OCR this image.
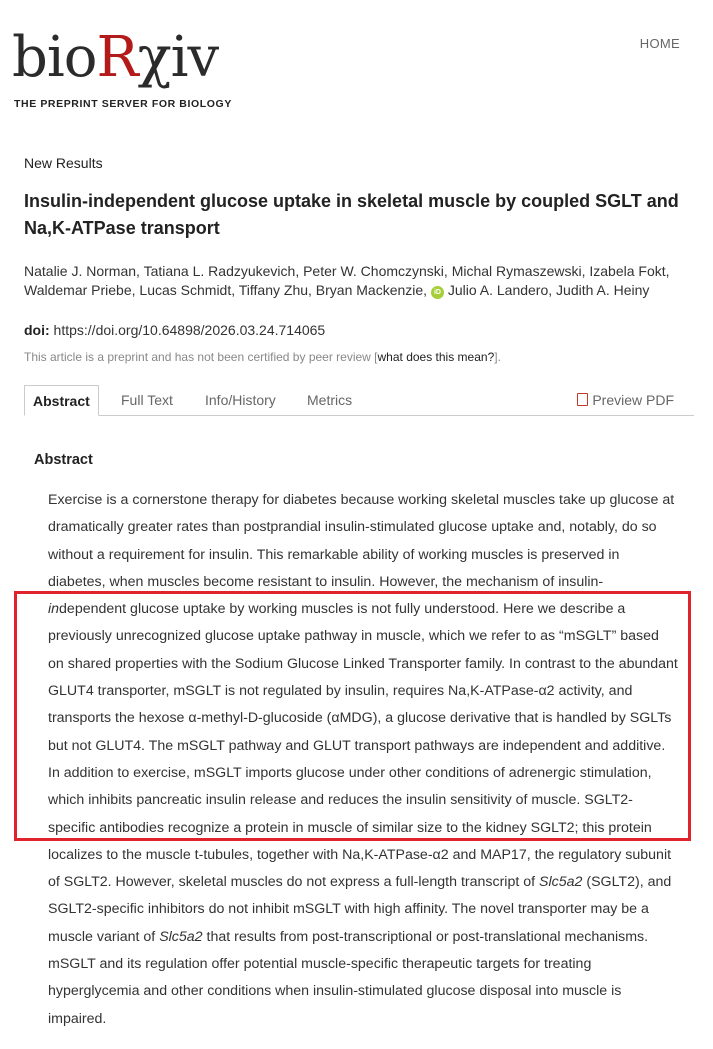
bioRχiv
THE PREPRINT SERVER FOR BIOLOGY
HOME
New Results
Insulin-independent glucose uptake in skeletal muscle by coupled SGLT and Na,K-ATPase transport
Natalie J. Norman, Tatiana L. Radzyukevich, Peter W. Chomczynski, Michal Rymaszewski, Izabela Fokt, Waldemar Priebe, Lucas Schmidt, Tiffany Zhu, Bryan Mackenzie, iD Julio A. Landero, Judith A. Heiny
doi: https://doi.org/10.64898/2026.03.24.714065
This article is a preprint and has not been certified by peer review [what does this mean?].
Abstract	Full Text Info/History Metrics	Preview PDF
Abstract

Exercise is a cornerstone therapy for diabetes because working skeletal muscles take up glucose at dramatically greater rates than postprandial insulin-stimulated glucose uptake and, notably, do so without a requirement for insulin. This remarkable ability of working muscles is preserved in diabetes, when muscles become resistant to insulin. However, the mechanism of insulin-independent glucose uptake by working muscles is not fully understood. Here we describe a previously unrecognized glucose uptake pathway in muscle, which we refer to as “mSGLT” based on shared properties with the Sodium Glucose Linked Transporter family. In contrast to the abundant GLUT4 transporter, mSGLT is not regulated by insulin, requires Na,K-ATPase-α2 activity, and transports the hexose α-methyl-D-glucoside (αMDG), a glucose derivative that is handled by SGLTs but not GLUT4. The mSGLT pathway and GLUT transport pathways are independent and additive. In addition to exercise, mSGLT imports glucose under other conditions of adrenergic stimulation, which inhibits pancreatic insulin release and reduces the insulin sensitivity of muscle. SGLT2-specific antibodies recognize a protein in muscle of similar size to the kidney SGLT2; this protein localizes to the muscle t-tubules, together with Na,K-ATPase-α2 and MAP17, the regulatory subunit of SGLT2. However, skeletal muscles do not express a full-length transcript of Slc5a2 (SGLT2), and SGLT2-specific inhibitors do not inhibit mSGLT with high affinity. The novel transporter may be a muscle variant of Slc5a2 that results from post-transcriptional or post-translational mechanisms. mSGLT and its regulation offer potential muscle-specific therapeutic targets for treating hyperglycemia and other conditions when insulin-stimulated glucose disposal into muscle is impaired.
